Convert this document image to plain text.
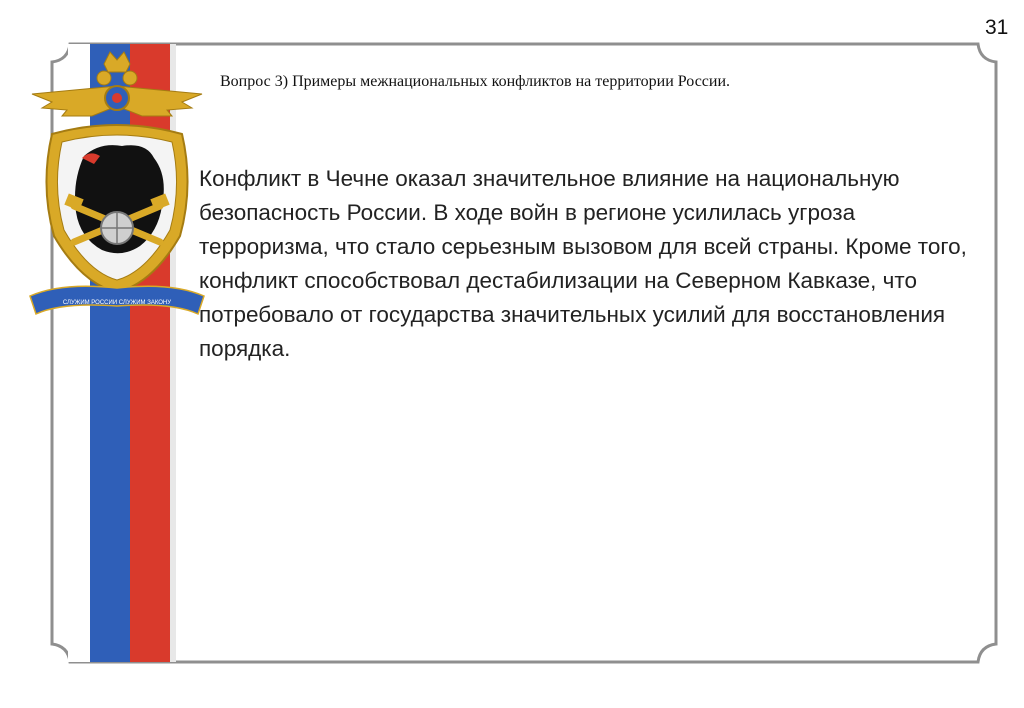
СЛУЖИМ РОССИИ СЛУЖИМ ЗАКОНУ
31
Вопрос 3) Примеры межнациональных конфликтов на территории России.
Конфликт в Чечне оказал значительное влияние на национальную безопасность России. В ходе войн в регионе усилилась угроза терроризма, что стало серьезным вызовом для всей страны. Кроме того, конфликт способствовал дестабилизации на Северном Кавказе, что потребовало от государства значительных усилий для восстановления порядка.
